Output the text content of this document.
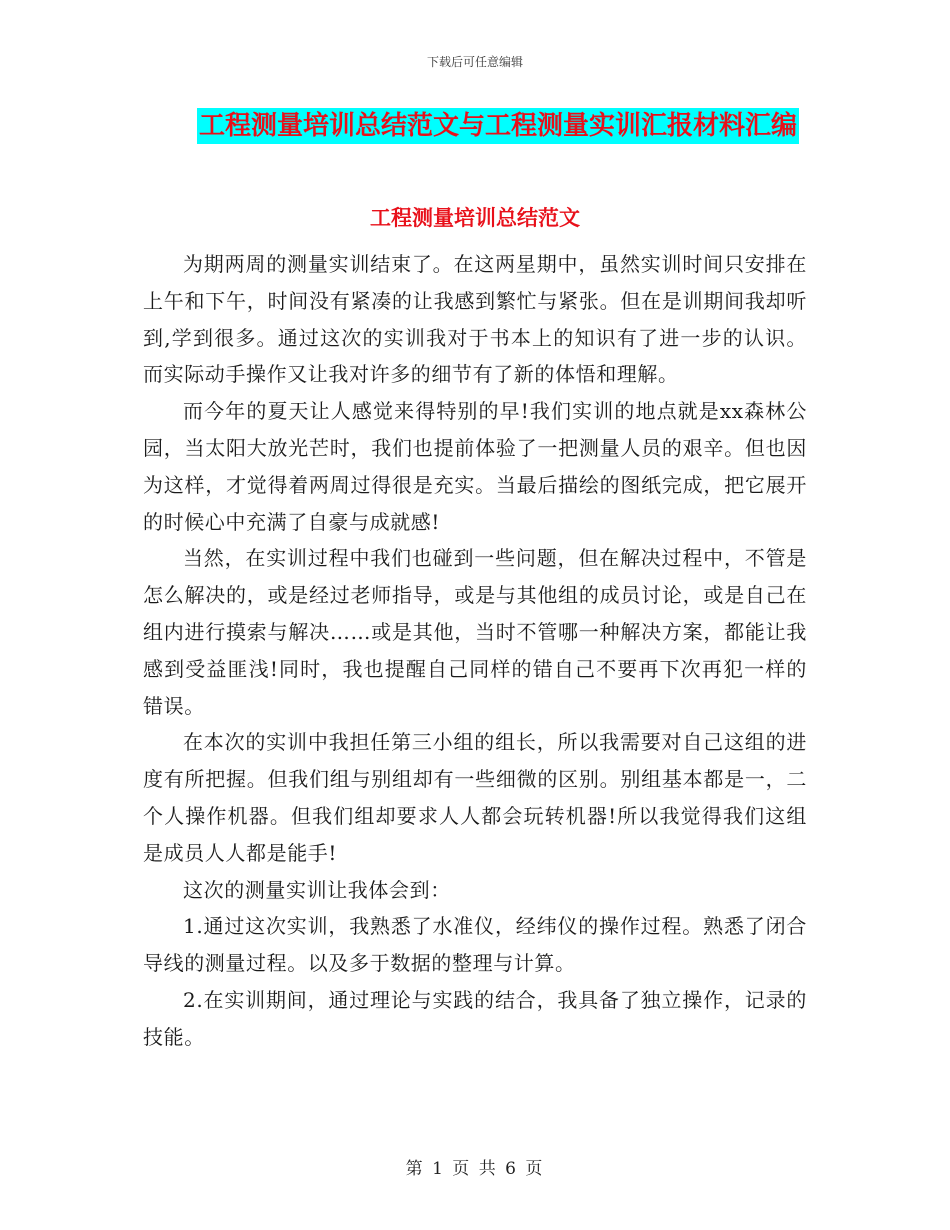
下载后可任意编辑
工程测量培训总结范文与工程测量实训汇报材料汇编
工程测量培训总结范文

为期两周的测量实训结束了。在这两星期中，虽然实训时间只安排在上午和下午，时间没有紧凑的让我感到繁忙与紧张。但在是训期间我却听到,学到很多。通过这次的实训我对于书本上的知识有了进一步的认识。而实际动手操作又让我对许多的细节有了新的体悟和理解。

而今年的夏天让人感觉来得特别的早!我们实训的地点就是xx森林公园，当太阳大放光芒时，我们也提前体验了一把测量人员的艰辛。但也因为这样，才觉得着两周过得很是充实。当最后描绘的图纸完成，把它展开的时候心中充满了自豪与成就感!

当然，在实训过程中我们也碰到一些问题，但在解决过程中，不管是怎么解决的，或是经过老师指导，或是与其他组的成员讨论，或是自己在组内进行摸索与解决……或是其他，当时不管哪一种解决方案，都能让我感到受益匪浅!同时，我也提醒自己同样的错自己不要再下次再犯一样的错误。

在本次的实训中我担任第三小组的组长，所以我需要对自己这组的进度有所把握。但我们组与别组却有一些细微的区别。别组基本都是一，二个人操作机器。但我们组却要求人人都会玩转机器!所以我觉得我们这组是成员人人都是能手!

这次的测量实训让我体会到：

1.通过这次实训，我熟悉了水准仪，经纬仪的操作过程。熟悉了闭合导线的测量过程。以及多于数据的整理与计算。

2.在实训期间，通过理论与实践的结合，我具备了独立操作，记录的技能。

第 1 页 共 6 页
